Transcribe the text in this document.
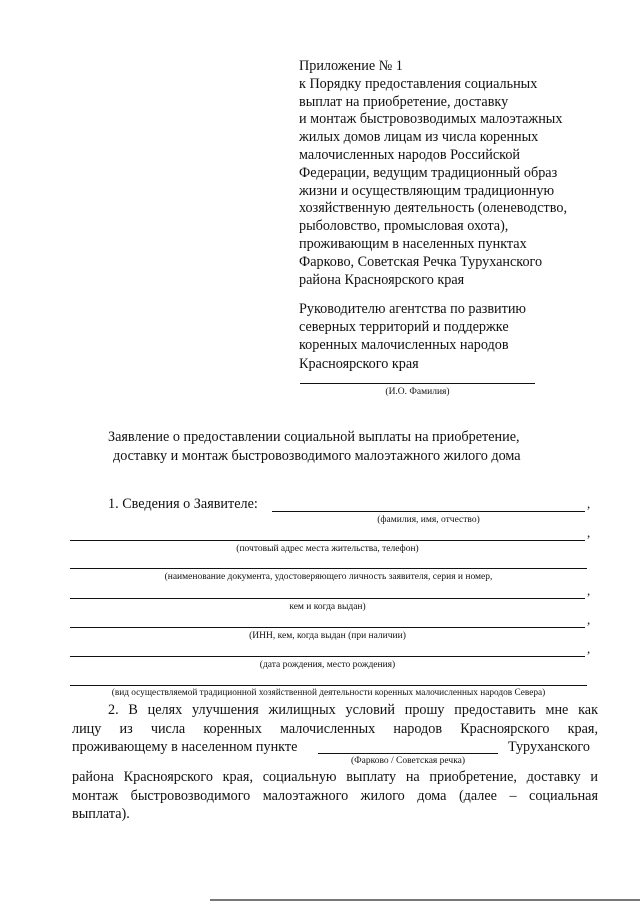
Приложение № 1
к Порядку предоставления социальных
выплат на приобретение, доставку
и монтаж быстровозводимых малоэтажных
жилых домов лицам из числа коренных
малочисленных народов Российской
Федерации, ведущим традиционный образ
жизни и осуществляющим традиционную
хозяйственную деятельность (оленеводство,
рыболовство, промысловая охота),
проживающим в населенных пунктах
Фарково, Советская Речка Туруханского
района Красноярского края
Руководителю агентства по развитию
северных территорий и поддержке
коренных малочисленных народов
Красноярского края
(И.О. Фамилия)
Заявление о предоставлении социальной выплаты на приобретение,
доставку и монтаж быстровозводимого малоэтажного жилого дома
1. Сведения о Заявителе:	,
(фамилия, имя, отчество)
,
(почтовый адрес места жительства, телефон)
(наименование документа, удостоверяющего личность заявителя, серия и номер,
,
кем и когда выдан)
,
(ИНН, кем, когда выдан (при наличии)
,
(дата рождения, место рождения)
(вид осуществляемой традиционной хозяйственной деятельности коренных малочисленных народов Севера)
2. В целях улучшения жилищных условий прошу предоставить мне как
лицу из числа коренных малочисленных народов Красноярского края,
проживающему в населенном пункте	Туруханского
(Фарково / Советская речка)
района Красноярского края, социальную выплату на приобретение, доставку и
монтаж быстровозводимого малоэтажного жилого дома (далее – социальная
выплата).
